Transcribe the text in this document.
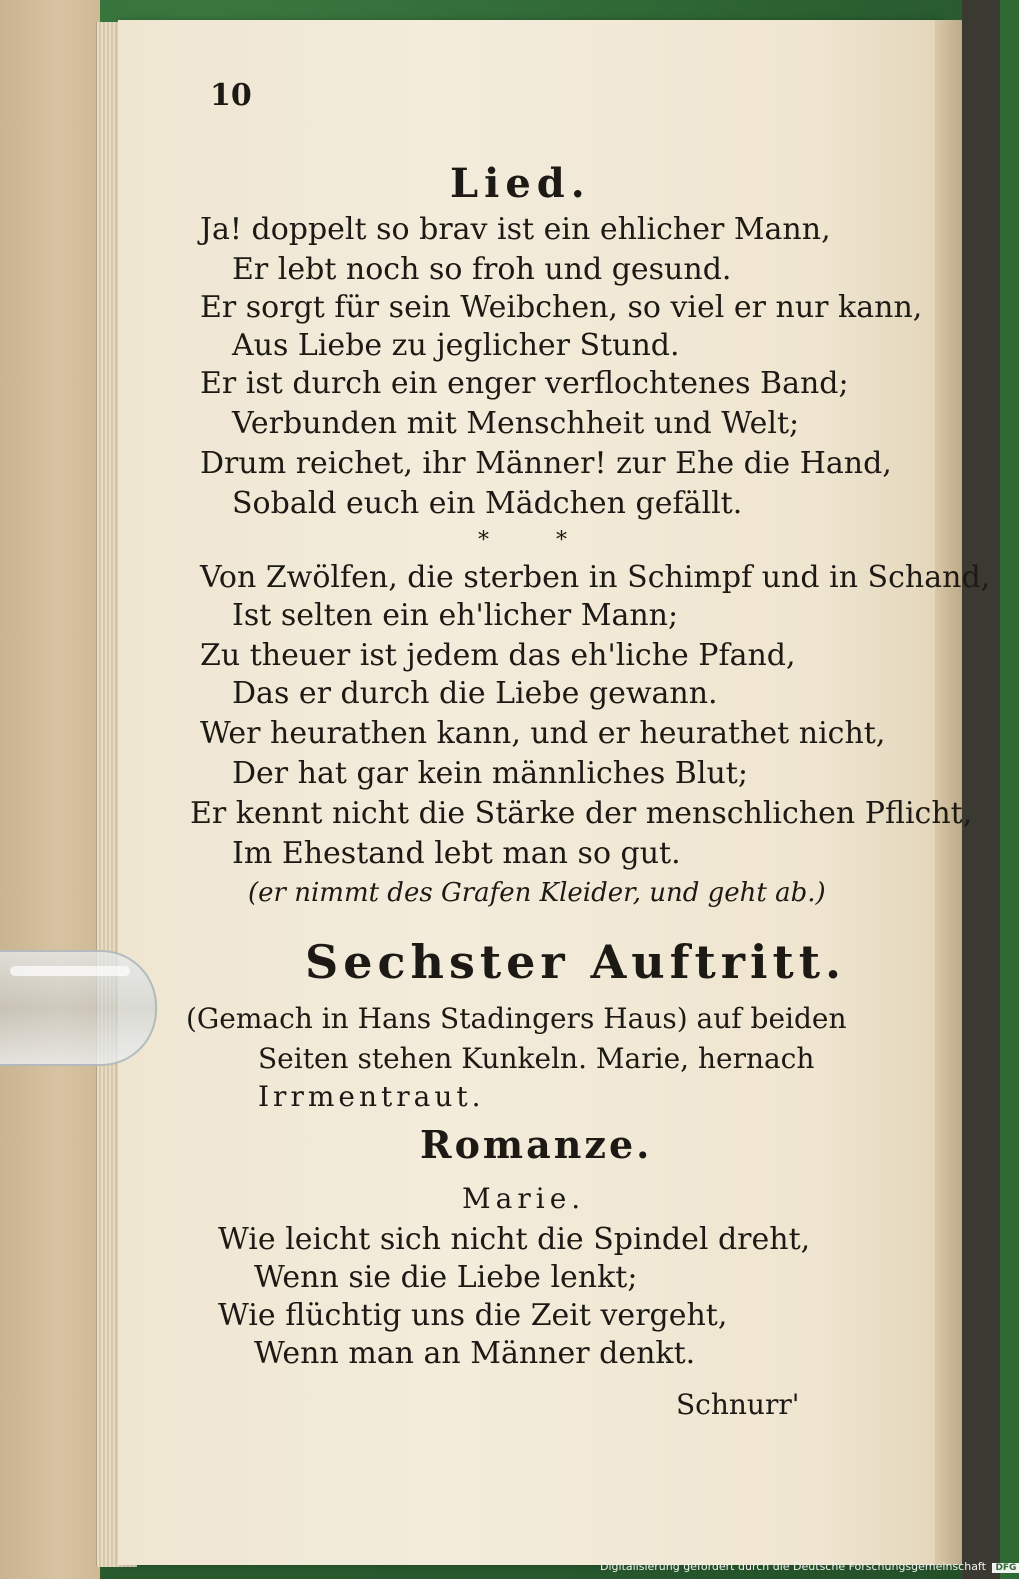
10
Lied.
Ja! doppelt so brav ist ein ehlicher Mann,
Er lebt noch so froh und gesund.
Er sorgt für sein Weibchen, so viel er nur kann,
Aus Liebe zu jeglicher Stund.
Er ist durch ein enger verflochtenes Band;
Verbunden mit Menschheit und Welt;
Drum reichet, ihr Männer! zur Ehe die Hand,
Sobald euch ein Mädchen gefällt.
* *
Von Zwölfen, die sterben in Schimpf und in Schand,
Ist selten ein eh'licher Mann;
Zu theuer ist jedem das eh'liche Pfand,
Das er durch die Liebe gewann.
Wer heurathen kann, und er heurathet nicht,
Der hat gar kein männliches Blut;
Er kennt nicht die Stärke der menschlichen Pflicht,
Im Ehestand lebt man so gut.
(er nimmt des Grafen Kleider, und geht ab.)
Sechster Auftritt.
(Gemach in Hans Stadingers Haus) auf beiden
Seiten stehen Kunkeln. Marie, hernach
Irrmentraut.
Romanze.
Marie.
Wie leicht sich nicht die Spindel dreht,
Wenn sie die Liebe lenkt;
Wie flüchtig uns die Zeit vergeht,
Wenn man an Männer denkt.
Schnurr'
Digitalisierung gefördert durch die Deutsche Forschungsgemeinschaft DFG
